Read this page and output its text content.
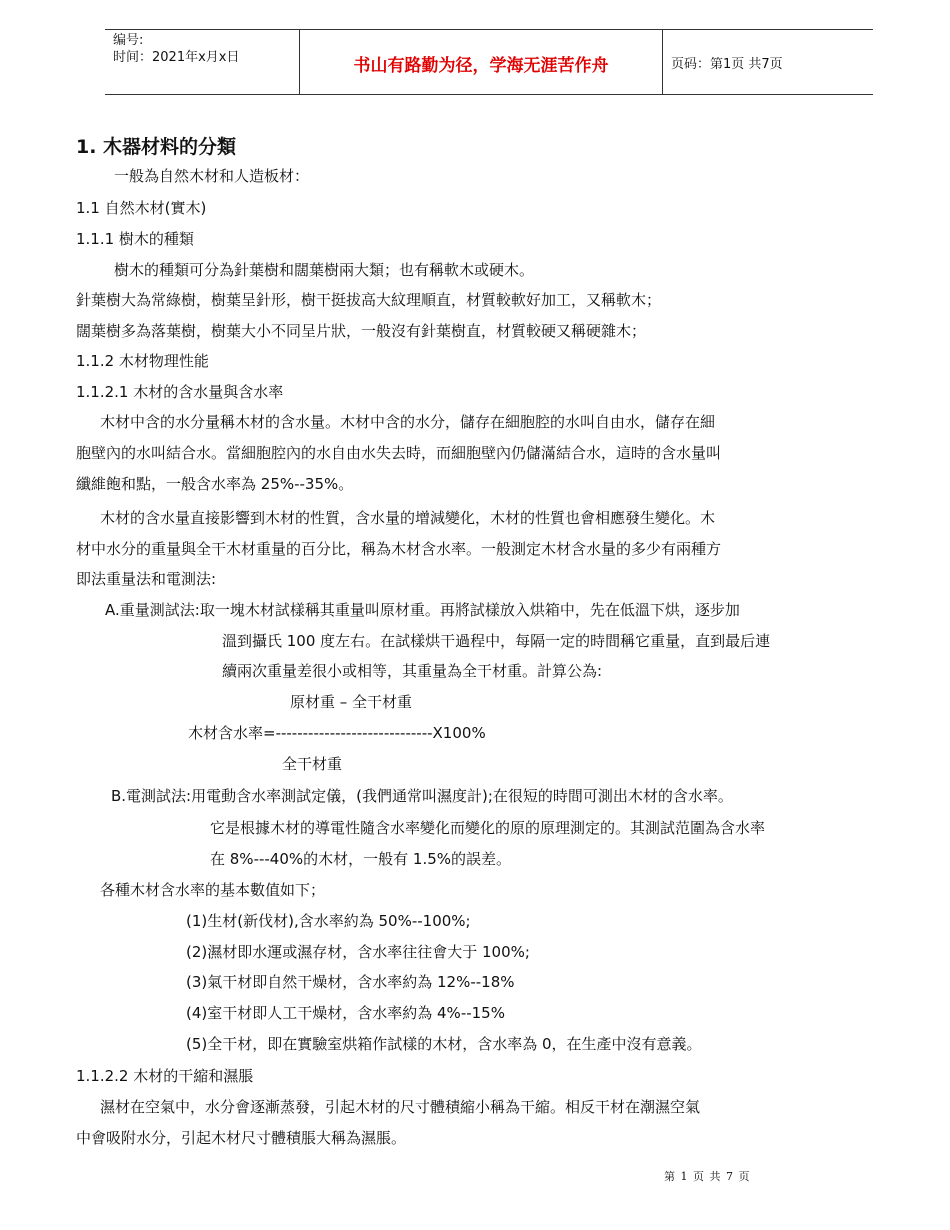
编号:
时间：2021年x月x日	书山有路勤为径，学海无涯苦作舟	页码：第1页 共7页
1. 木器材料的分類
一般為自然木材和人造板材：
1.1 自然木材(實木)
1.1.1 樹木的種類
樹木的種類可分為針葉樹和闊葉樹兩大類；也有稱軟木或硬木。
針葉樹大為常綠樹，樹葉呈針形，樹干挺拔高大紋理順直，材質較軟好加工，又稱軟木；
闊葉樹多為落葉樹，樹葉大小不同呈片狀，一般沒有針葉樹直，材質較硬又稱硬雜木；
1.1.2 木材物理性能
1.1.2.1 木材的含水量與含水率
木材中含的水分量稱木材的含水量。木材中含的水分，儲存在細胞腔的水叫自由水，儲存在細
胞壁內的水叫結合水。當細胞腔內的水自由水失去時，而細胞壁內仍儲滿結合水，這時的含水量叫
纖維飽和點，一般含水率為 25%--35%。
木材的含水量直接影響到木材的性質，含水量的增減變化，木材的性質也會相應發生變化。木
材中水分的重量與全干木材重量的百分比，稱為木材含水率。一般測定木材含水量的多少有兩種方
即法重量法和電測法:
A.重量測試法:取一塊木材試樣稱其重量叫原材重。再將試樣放入烘箱中，先在低溫下烘，逐步加
溫到攝氏 100 度左右。在試樣烘干過程中，每隔一定的時間稱它重量，直到最后連
續兩次重量差很小或相等，其重量為全干材重。計算公為:
原材重 – 全干材重
木材含水率=-----------------------------X100%
全干材重
B.電測試法:用電動含水率測試定儀，(我們通常叫濕度計);在很短的時間可測出木材的含水率。
它是根據木材的導電性隨含水率變化而變化的原的原理測定的。其測試范圍為含水率
在 8%---40%的木材，一般有 1.5%的誤差。
各種木材含水率的基本數值如下；
(1)生材(新伐材),含水率約為 50%--100%;
(2)濕材即水運或濕存材，含水率往往會大于 100%;
(3)氣干材即自然干燥材，含水率約為 12%--18%
(4)室干材即人工干燥材，含水率約為 4%--15%
(5)全干材，即在實驗室烘箱作試樣的木材，含水率為 0，在生產中沒有意義。
1.1.2.2 木材的干縮和濕脹
濕材在空氣中，水分會逐漸蒸發，引起木材的尺寸體積縮小稱為干縮。相反干材在潮濕空氣
中會吸附水分，引起木材尺寸體積脹大稱為濕脹。
第 1 页 共 7 页
